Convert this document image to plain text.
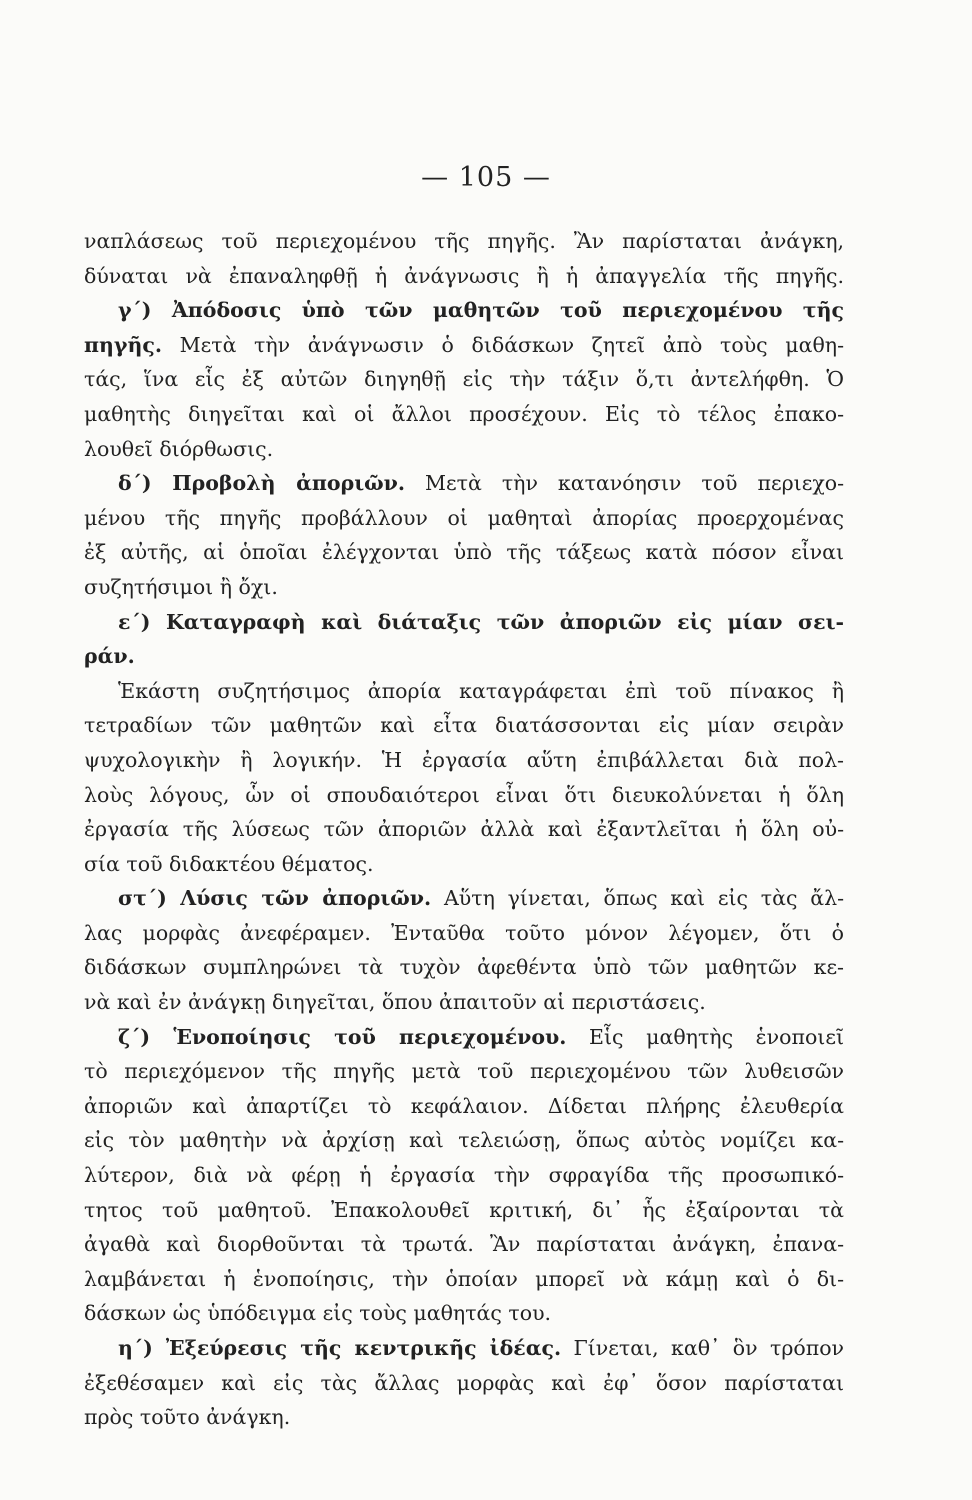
— 105 —
ναπλάσεως τοῦ περιεχομένου τῆς πηγῆς. Ἂν παρίσταται ἀνάγκη,
δύναται νὰ ἐπαναληφθῇ ἡ ἀνάγνωσις ἢ ἡ ἀπαγγελία τῆς πηγῆς.
γ΄) Ἀπόδοσις ὑπὸ τῶν μαθητῶν τοῦ περιεχομένου τῆς
πηγῆς. Μετὰ τὴν ἀνάγνωσιν ὁ διδάσκων ζητεῖ ἀπὸ τοὺς μαθη-
τάς, ἵνα εἷς ἐξ αὐτῶν διηγηθῇ εἰς τὴν τάξιν ὅ,τι ἀντελήφθη. Ὁ
μαθητὴς διηγεῖται καὶ οἱ ἄλλοι προσέχουν. Εἰς τὸ τέλος ἐπακο-
λουθεῖ διόρθωσις.
δ΄) Προβολὴ ἀποριῶν. Μετὰ τὴν κατανόησιν τοῦ περιεχο-
μένου τῆς πηγῆς προβάλλουν οἱ μαθηταὶ ἀπορίας προερχομένας
ἐξ αὐτῆς, αἱ ὁποῖαι ἐλέγχονται ὑπὸ τῆς τάξεως κατὰ πόσον εἶναι
συζητήσιμοι ἢ ὄχι.
ε΄) Καταγραφὴ καὶ διάταξις τῶν ἀποριῶν εἰς μίαν σει-
ράν.
Ἑκάστη συζητήσιμος ἀπορία καταγράφεται ἐπὶ τοῦ πίνακος ἢ
τετραδίων τῶν μαθητῶν καὶ εἶτα διατάσσονται εἰς μίαν σειρὰν
ψυχολογικὴν ἢ λογικήν. Ἡ ἐργασία αὕτη ἐπιβάλλεται διὰ πολ-
λοὺς λόγους, ὧν οἱ σπουδαιότεροι εἶναι ὅτι διευκολύνεται ἡ ὅλη
ἐργασία τῆς λύσεως τῶν ἀποριῶν ἀλλὰ καὶ ἐξαντλεῖται ἡ ὅλη οὐ-
σία τοῦ διδακτέου θέματος.
στ΄) Λύσις τῶν ἀποριῶν. Αὕτη γίνεται, ὅπως καὶ εἰς τὰς ἄλ-
λας μορφὰς ἀνεφέραμεν. Ἐνταῦθα τοῦτο μόνον λέγομεν, ὅτι ὁ
διδάσκων συμπληρώνει τὰ τυχὸν ἀφεθέντα ὑπὸ τῶν μαθητῶν κε-
νὰ καὶ ἐν ἀνάγκῃ διηγεῖται, ὅπου ἀπαιτοῦν αἱ περιστάσεις.
ζ΄) Ἑνοποίησις τοῦ περιεχομένου. Εἷς μαθητὴς ἑνοποιεῖ
τὸ περιεχόμενον τῆς πηγῆς μετὰ τοῦ περιεχομένου τῶν λυθεισῶν
ἀποριῶν καὶ ἀπαρτίζει τὸ κεφάλαιον. Δίδεται πλήρης ἐλευθερία
εἰς τὸν μαθητὴν νὰ ἀρχίσῃ καὶ τελειώσῃ, ὅπως αὐτὸς νομίζει κα-
λύτερον, διὰ νὰ φέρῃ ἡ ἐργασία τὴν σφραγίδα τῆς προσωπικό-
τητος τοῦ μαθητοῦ. Ἐπακολουθεῖ κριτική, δι᾽ ἧς ἐξαίρονται τὰ
ἀγαθὰ καὶ διορθοῦνται τὰ τρωτά. Ἂν παρίσταται ἀνάγκη, ἐπανα-
λαμβάνεται ἡ ἑνοποίησις, τὴν ὁποίαν μπορεῖ νὰ κάμῃ καὶ ὁ δι-
δάσκων ὡς ὑπόδειγμα εἰς τοὺς μαθητάς του.
η΄) Ἐξεύρεσις τῆς κεντρικῆς ἰδέας. Γίνεται, καθ᾽ ὃν τρόπον
ἐξεθέσαμεν καὶ εἰς τὰς ἄλλας μορφὰς καὶ ἐφ᾽ ὅσον παρίσταται
πρὸς τοῦτο ἀνάγκη.
